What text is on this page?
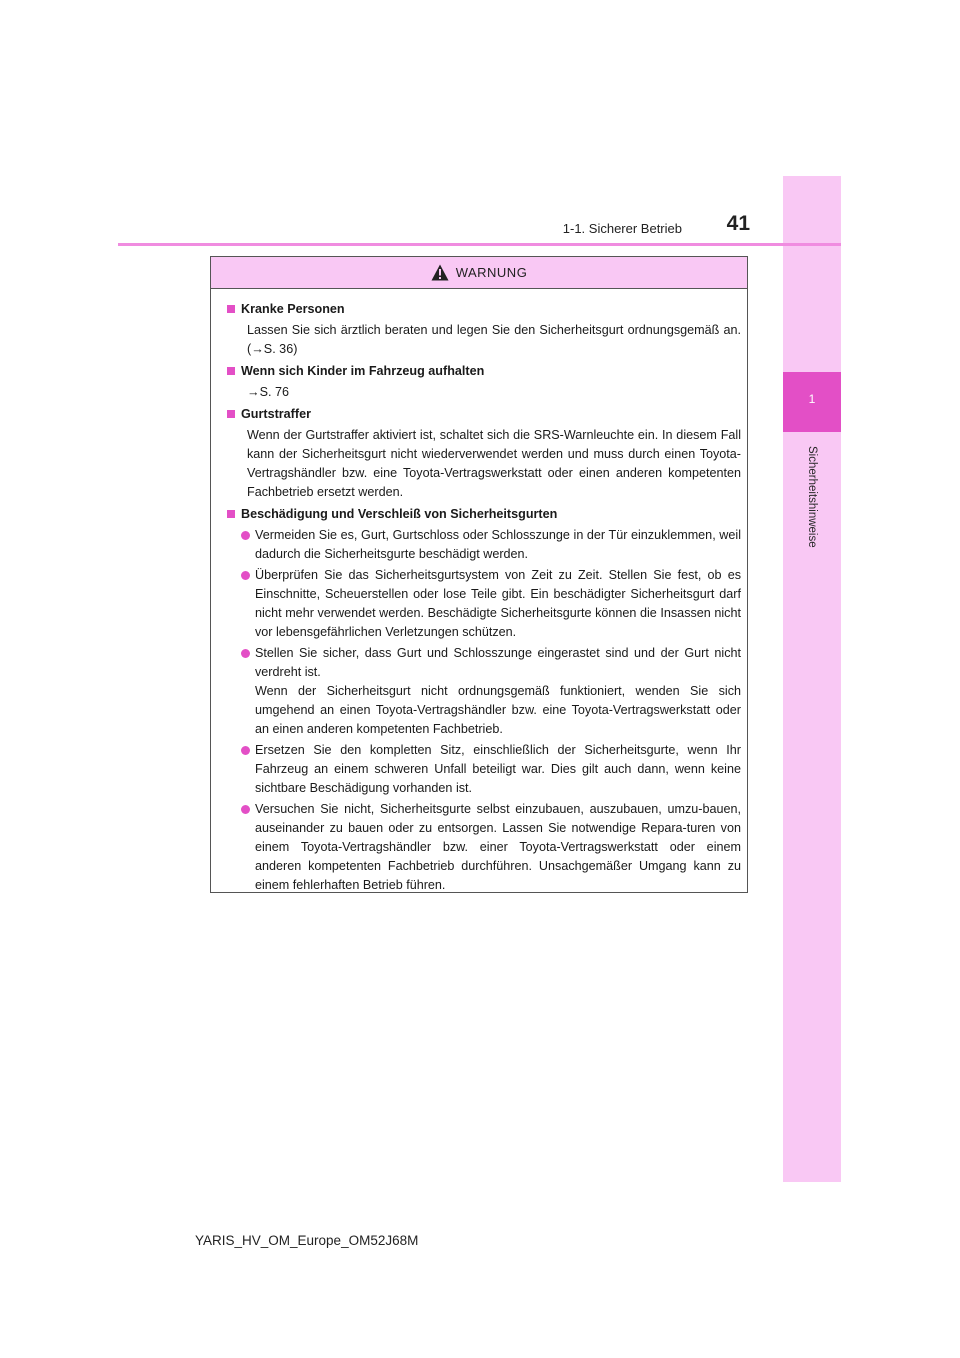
1
Sicherheitshinweise
1-1. Sicherer Betrieb	41
WARNUNG
Kranke Personen
Lassen Sie sich ärztlich beraten und legen Sie den Sicherheitsgurt ordnungsgemäß an. (→S. 36)
Wenn sich Kinder im Fahrzeug aufhalten
→S. 76
Gurtstraffer
Wenn der Gurtstraffer aktiviert ist, schaltet sich die SRS-Warnleuchte ein. In diesem Fall kann der Sicherheitsgurt nicht wiederverwendet werden und muss durch einen Toyota-Vertragshändler bzw. eine Toyota-Vertragswerkstatt oder einen anderen kompetenten Fachbetrieb ersetzt werden.
Beschädigung und Verschleiß von Sicherheitsgurten
Vermeiden Sie es, Gurt, Gurtschloss oder Schlosszunge in der Tür einzuklemmen, weil dadurch die Sicherheitsgurte beschädigt werden.
Überprüfen Sie das Sicherheitsgurtsystem von Zeit zu Zeit. Stellen Sie fest, ob es Einschnitte, Scheuerstellen oder lose Teile gibt. Ein beschädigter Sicherheitsgurt darf nicht mehr verwendet werden. Beschädigte Sicherheitsgurte können die Insassen nicht vor lebensgefährlichen Verletzungen schützen.
Stellen Sie sicher, dass Gurt und Schlosszunge eingerastet sind und der Gurt nicht verdreht ist.
Wenn der Sicherheitsgurt nicht ordnungsgemäß funktioniert, wenden Sie sich umgehend an einen Toyota-Vertragshändler bzw. eine Toyota-Vertragswerkstatt oder an einen anderen kompetenten Fachbetrieb.
Ersetzen Sie den kompletten Sitz, einschließlich der Sicherheitsgurte, wenn Ihr Fahrzeug an einem schweren Unfall beteiligt war. Dies gilt auch dann, wenn keine sichtbare Beschädigung vorhanden ist.
Versuchen Sie nicht, Sicherheitsgurte selbst einzubauen, auszubauen, umzu-bauen, auseinander zu bauen oder zu entsorgen. Lassen Sie notwendige Repara-turen von einem Toyota-Vertragshändler bzw. einer Toyota-Vertragswerkstatt oder einem anderen kompetenten Fachbetrieb durchführen. Unsachgemäßer Umgang kann zu einem fehlerhaften Betrieb führen.
YARIS_HV_OM_Europe_OM52J68M
